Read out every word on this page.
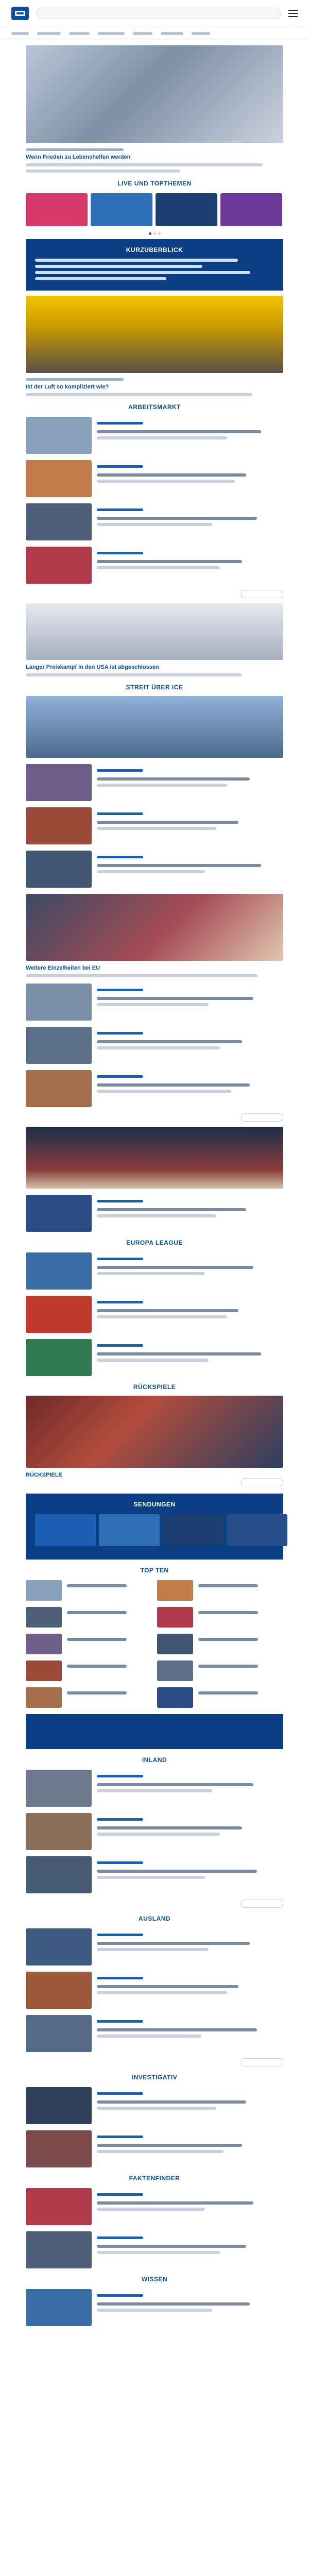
Wenn Frieden zu Lebenshelfen werden
LIVE UND TOPTHEMEN
KURZÜBERBLICK
Ist der Luft so kompliziert wie?
ARBEITSMARKT
Langer Preiskampf in den USA ist abgeschlossen
STREIT ÜBER ICE
Weitere Einzelheiten bei EU
EUROPA LEAGUE
RÜCKSPIELE
RÜCKSPIELE
SENDUNGEN
TOP TEN
INLAND
AUSLAND
INVESTIGATIV
FAKTENFINDER
WISSEN
